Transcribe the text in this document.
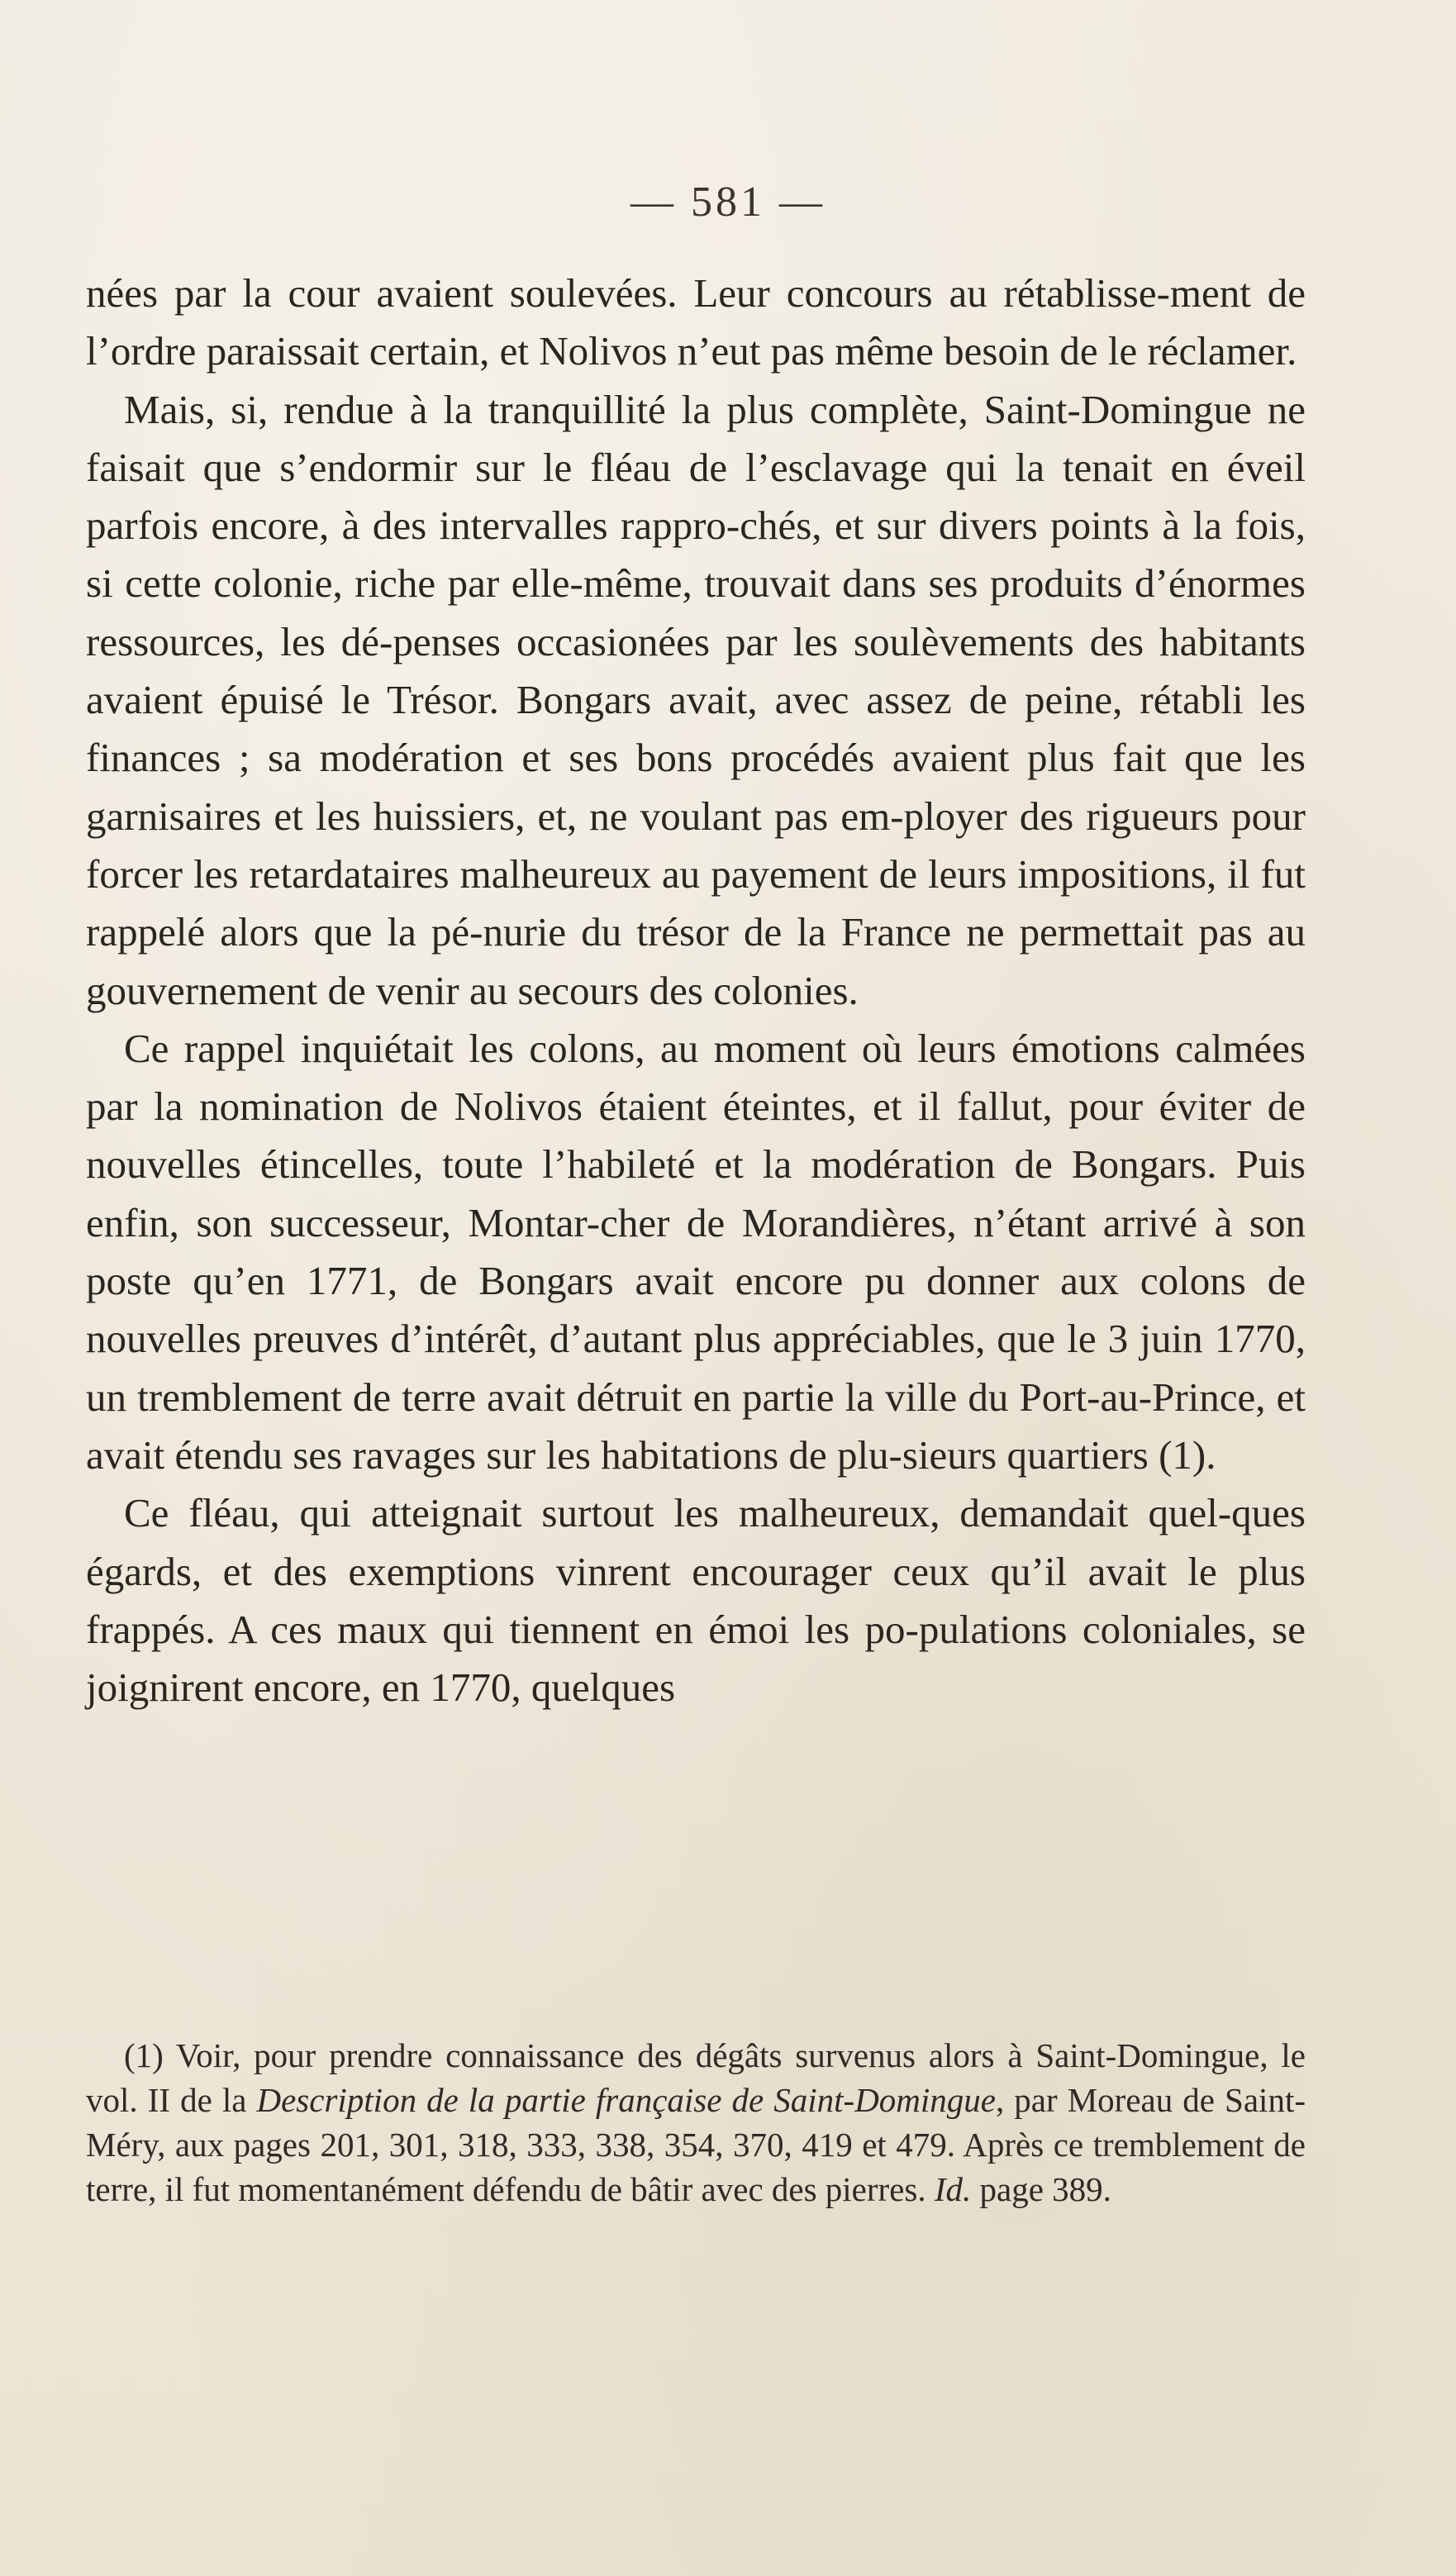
— 581 —

nées par la cour avaient soulevées. Leur concours au rétablisse-ment de l’ordre paraissait certain, et Nolivos n’eut pas même besoin de le réclamer.

Mais, si, rendue à la tranquillité la plus complète, Saint-Domingue ne faisait que s’endormir sur le fléau de l’esclavage qui la tenait en éveil parfois encore, à des intervalles rappro-chés, et sur divers points à la fois, si cette colonie, riche par elle-même, trouvait dans ses produits d’énormes ressources, les dé-penses occasionées par les soulèvements des habitants avaient épuisé le Trésor. Bongars avait, avec assez de peine, rétabli les finances ; sa modération et ses bons procédés avaient plus fait que les garnisaires et les huissiers, et, ne voulant pas em-ployer des rigueurs pour forcer les retardataires malheureux au payement de leurs impositions, il fut rappelé alors que la pé-nurie du trésor de la France ne permettait pas au gouvernement de venir au secours des colonies.

Ce rappel inquiétait les colons, au moment où leurs émotions calmées par la nomination de Nolivos étaient éteintes, et il fallut, pour éviter de nouvelles étincelles, toute l’habileté et la modération de Bongars. Puis enfin, son successeur, Montar-cher de Morandières, n’étant arrivé à son poste qu’en 1771, de Bongars avait encore pu donner aux colons de nouvelles preuves d’intérêt, d’autant plus appréciables, que le 3 juin 1770, un tremblement de terre avait détruit en partie la ville du Port-au-Prince, et avait étendu ses ravages sur les habitations de plu-sieurs quartiers (1).

Ce fléau, qui atteignait surtout les malheureux, demandait quel-ques égards, et des exemptions vinrent encourager ceux qu’il avait le plus frappés. A ces maux qui tiennent en émoi les po-pulations coloniales, se joignirent encore, en 1770, quelques

(1) Voir, pour prendre connaissance des dégâts survenus alors à Saint-Domingue, le vol. II de la Description de la partie française de Saint-Domingue, par Moreau de Saint-Méry, aux pages 201, 301, 318, 333, 338, 354, 370, 419 et 479. Après ce tremblement de terre, il fut momentanément défendu de bâtir avec des pierres. Id. page 389.
